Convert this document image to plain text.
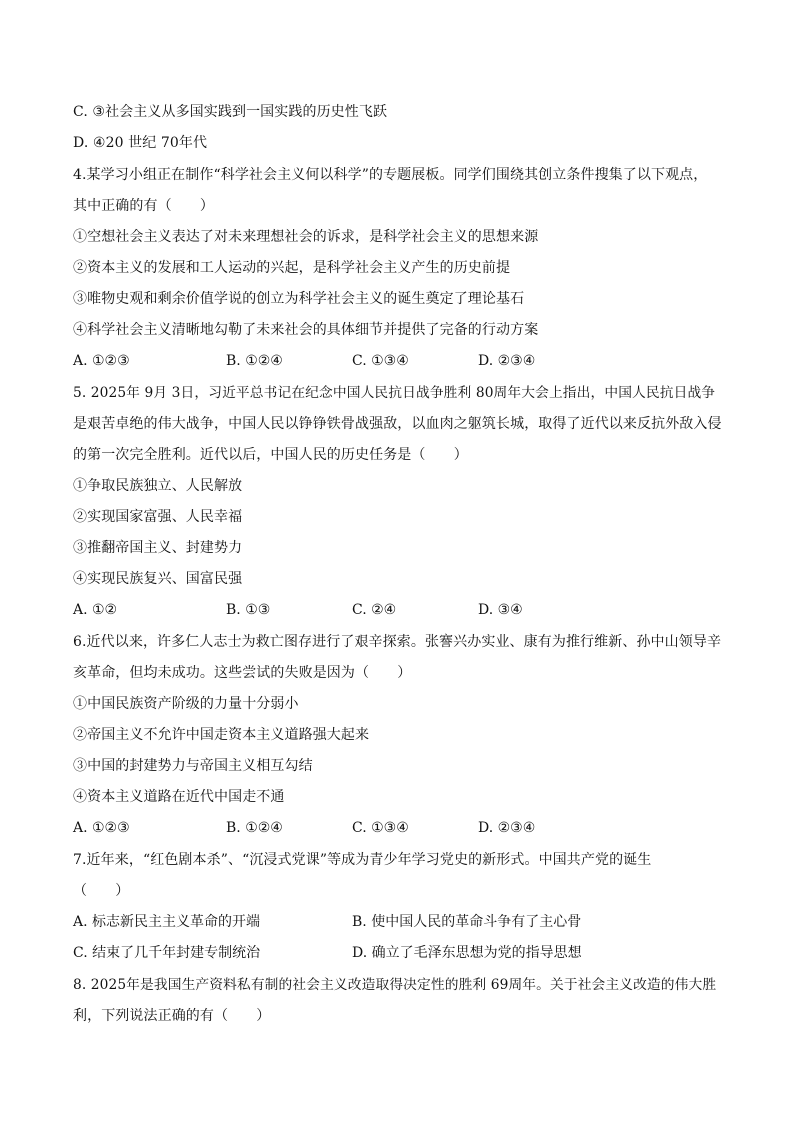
C. ③社会主义从多国实践到一国实践的历史性飞跃
D. ④20 世纪 70年代
4.某学习小组正在制作“科学社会主义何以科学”的专题展板。同学们围绕其创立条件搜集了以下观点，
其中正确的有（　　）
①空想社会主义表达了对未来理想社会的诉求，是科学社会主义的思想来源
②资本主义的发展和工人运动的兴起，是科学社会主义产生的历史前提
③唯物史观和剩余价值学说的创立为科学社会主义的诞生奠定了理论基石
④科学社会主义清晰地勾勒了未来社会的具体细节并提供了完备的行动方案
A. ①②③	B. ①②④	C. ①③④	D. ②③④
5. 2025年 9月 3日，习近平总书记在纪念中国人民抗日战争胜利 80周年大会上指出，中国人民抗日战争
是艰苦卓绝的伟大战争，中国人民以铮铮铁骨战强敌，以血肉之躯筑长城，取得了近代以来反抗外敌入侵
的第一次完全胜利。近代以后，中国人民的历史任务是（　　）
①争取民族独立、人民解放
②实现国家富强、人民幸福
③推翻帝国主义、封建势力
④实现民族复兴、国富民强
A. ①②	B. ①③	C. ②④	D. ③④
6.近代以来，许多仁人志士为救亡图存进行了艰辛探索。张謇兴办实业、康有为推行维新、孙中山领导辛
亥革命，但均未成功。这些尝试的失败是因为（　　）
①中国民族资产阶级的力量十分弱小
②帝国主义不允许中国走资本主义道路强大起来
③中国的封建势力与帝国主义相互勾结
④资本主义道路在近代中国走不通
A. ①②③	B. ①②④	C. ①③④	D. ②③④
7.近年来，“红色剧本杀”、“沉浸式党课”等成为青少年学习党史的新形式。中国共产党的诞生
（　　）
A. 标志新民主主义革命的开端	B. 使中国人民的革命斗争有了主心骨
C. 结束了几千年封建专制统治	D. 确立了毛泽东思想为党的指导思想
8. 2025年是我国生产资料私有制的社会主义改造取得决定性的胜利 69周年。关于社会主义改造的伟大胜
利，下列说法正确的有（　　）
